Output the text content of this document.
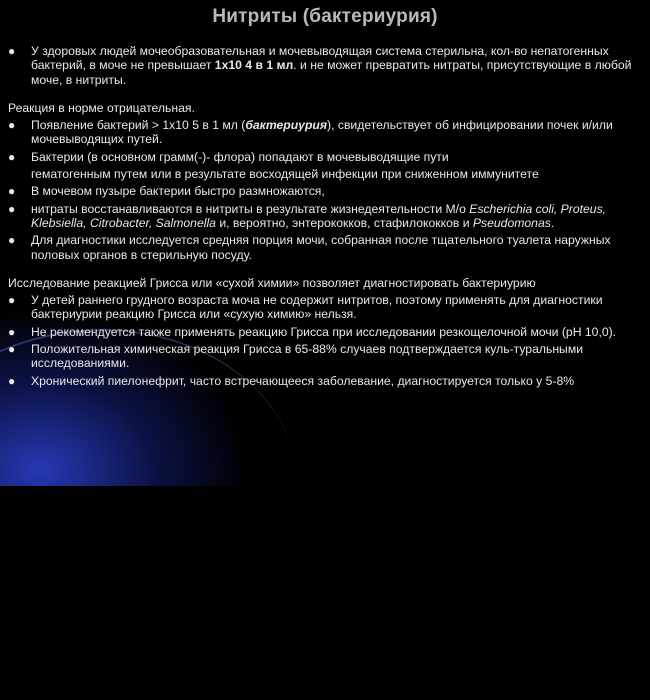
Нитриты (бактериурия)
●	У здоровых людей мочеобразовательная и мочевыводящая система стерильна, кол-во непатогенных бактерий, в моче не превышает 1х10 4 в 1 мл. и не может превратить нитраты, присутствующие в любой моче, в нитриты.
Реакция в норме отрицательная.
●	Появление бактерий > 1х10 5 в 1 мл (бактериурия), свидетельствует об инфицировании почек и/или мочевыводящих путей.
●	Бактерии (в основном грамм(-)- флора) попадают в мочевыводящие пути
гематогенным путем или в результате восходящей инфекции при сниженном иммунитете
●	В мочевом пузыре бактерии быстро размножаются,
●	нитраты восстанавливаются в нитриты в результате жизнедеятельности М/о Escherichia coli, Proteus, Klebsiella, Citrobacter, Salmonella и, вероятно, энтерококков, стафилококков и Pseudomonas.
●	Для диагностики исследуется средняя порция мочи, собранная после тщательного туалета наружных половых органов в стерильную посуду.
Исследование реакцией Грисса или «сухой химии» позволяет диагностировать бактериурию
●	У детей раннего грудного возраста моча не содержит нитритов, поэтому применять для диагностики бактериурии реакцию Грисса или «сухую химию» нельзя.
●	Не рекомендуется также применять реакцию Грисса при исследовании резкощелочной мочи (рН 10,0).
●	Положительная химическая реакция Грисса в 65-88% случаев подтверждается куль-туральными исследованиями.
●	Хронический пиелонефрит, часто встречающееся заболевание, диагностируется только у 5-8%
